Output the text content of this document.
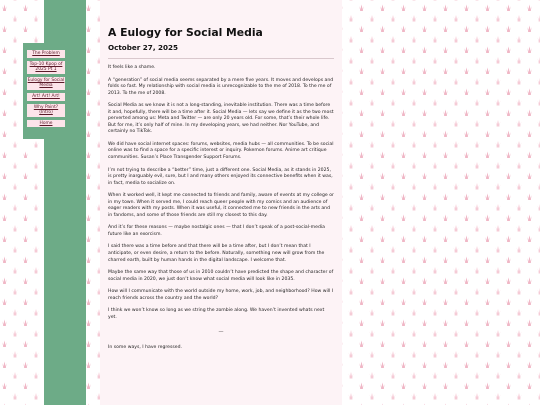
The Problem
Top-10 Kpop of 2025 Pt 1
Eulogy for Social Media
Art! Art! Art!
Why Paint? (Intro)
Home
A Eulogy for Social Media
October 27, 2025

It feels like a shame.

A “generation” of social media seems separated by a mere five years. It moves and develops and folds so fast. My relationship with social media is unrecognizable to the me of 2018. To the me of 2013. To the me of 2008.

Social Media as we know it is not a long-standing, inevitable institution. There was a time before it and, hopefully, there will be a time after it. Social Media — lets say we define it as the two most perverted among us: Meta and Twitter — are only 20 years old. For some, that’s their whole life. But for me, it’s only half of mine. In my developing years, we had neither. Nor YouTube, and certainly no TikTok.

We did have social internet spaces: forums, websites, media hubs — all communities. To be social online was to find a space for a specific interest or inquiry. Pokemon forums. Anime art critique communities. Susan’s Place Transgender Support Forums.

I’m not trying to describe a “better” time, just a different one. Social Media, as it stands in 2025, is pretty inarguably evil, sure, but I and many others enjoyed its connective benefits when it was, in fact, media to socialize on.

When it worked well, it kept me connected to friends and family, aware of events at my college or in my town. When it served me, I could reach queer people with my comics and an audience of eager readers with my posts. When it was useful, it connected me to new friends in the arts and in fandoms, and some of those friends are still my closest to this day.

And it’s for these reasons — maybe nostalgic ones — that I don’t speak of a post-social-media future like an exorcism.

I said there was a time before and that there will be a time after, but I don’t mean that I anticipate, or even desire, a return to the before. Naturally, something new will grow from the charred earth, built by human hands in the digital landscape. I welcome that.

Maybe the same way that those of us in 2010 couldn’t have predicted the shape and character of social media in 2020, we just don’t know what social media will look like in 2035.

How will I communicate with the world outside my home, work, job, and neighborhood? How will I reach friends across the country and the world?

I think we won’t know so long as we string the zombie along. We haven’t invented whats next yet.

—

In some ways, I have regressed.
